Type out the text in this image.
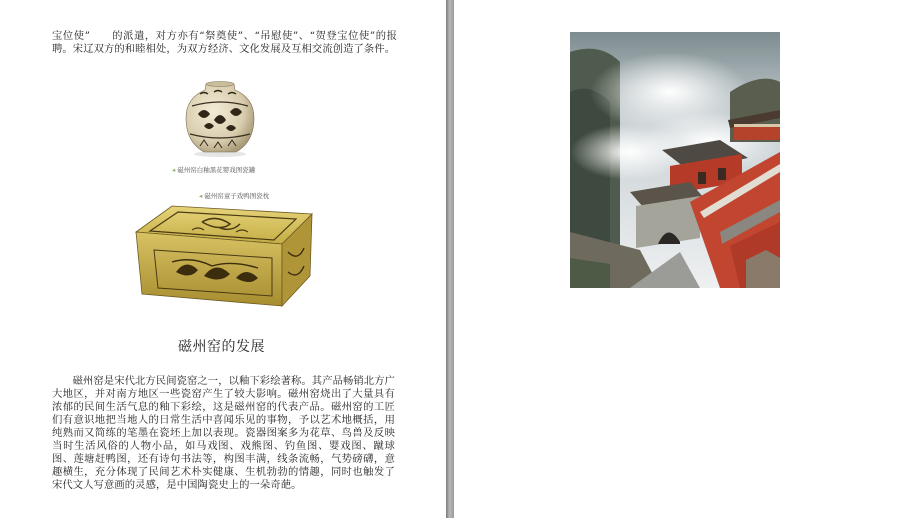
宝位使”　　的派遣，对方亦有“祭奠使”、“吊慰使”、“贺登宝位使”的报聘。宋辽双方的和睦相处，为双方经济、文化发展及互相交流创造了条件。

◂ 磁州窑白釉黑花婴戏图瓷罐
◂ 磁州窑童子戏鸭图瓷枕
磁州窑的发展

磁州窑是宋代北方民间瓷窑之一，以釉下彩绘著称。其产品畅销北方广大地区，并对南方地区一些瓷窑产生了较大影响。磁州窑烧出了大量具有浓郁的民间生活气息的釉下彩绘，这是磁州窑的代表产品。磁州窑的工匠们有意识地把当地人的日常生活中喜闻乐见的事物，予以艺术地概括，用纯熟而又简练的笔墨在瓷坯上加以表现。瓷器图案多为花草、鸟兽及反映当时生活风俗的人物小品，如马戏图、戏熊图、钓鱼图、婴戏图、蹴球图、莲塘赶鸭图，还有诗句书法等，构图丰满，线条流畅，气势磅礴，意趣横生，充分体现了民间艺术朴实健康、生机勃勃的情趣，同时也触发了宋代文人写意画的灵感，是中国陶瓷史上的一朵奇葩。
